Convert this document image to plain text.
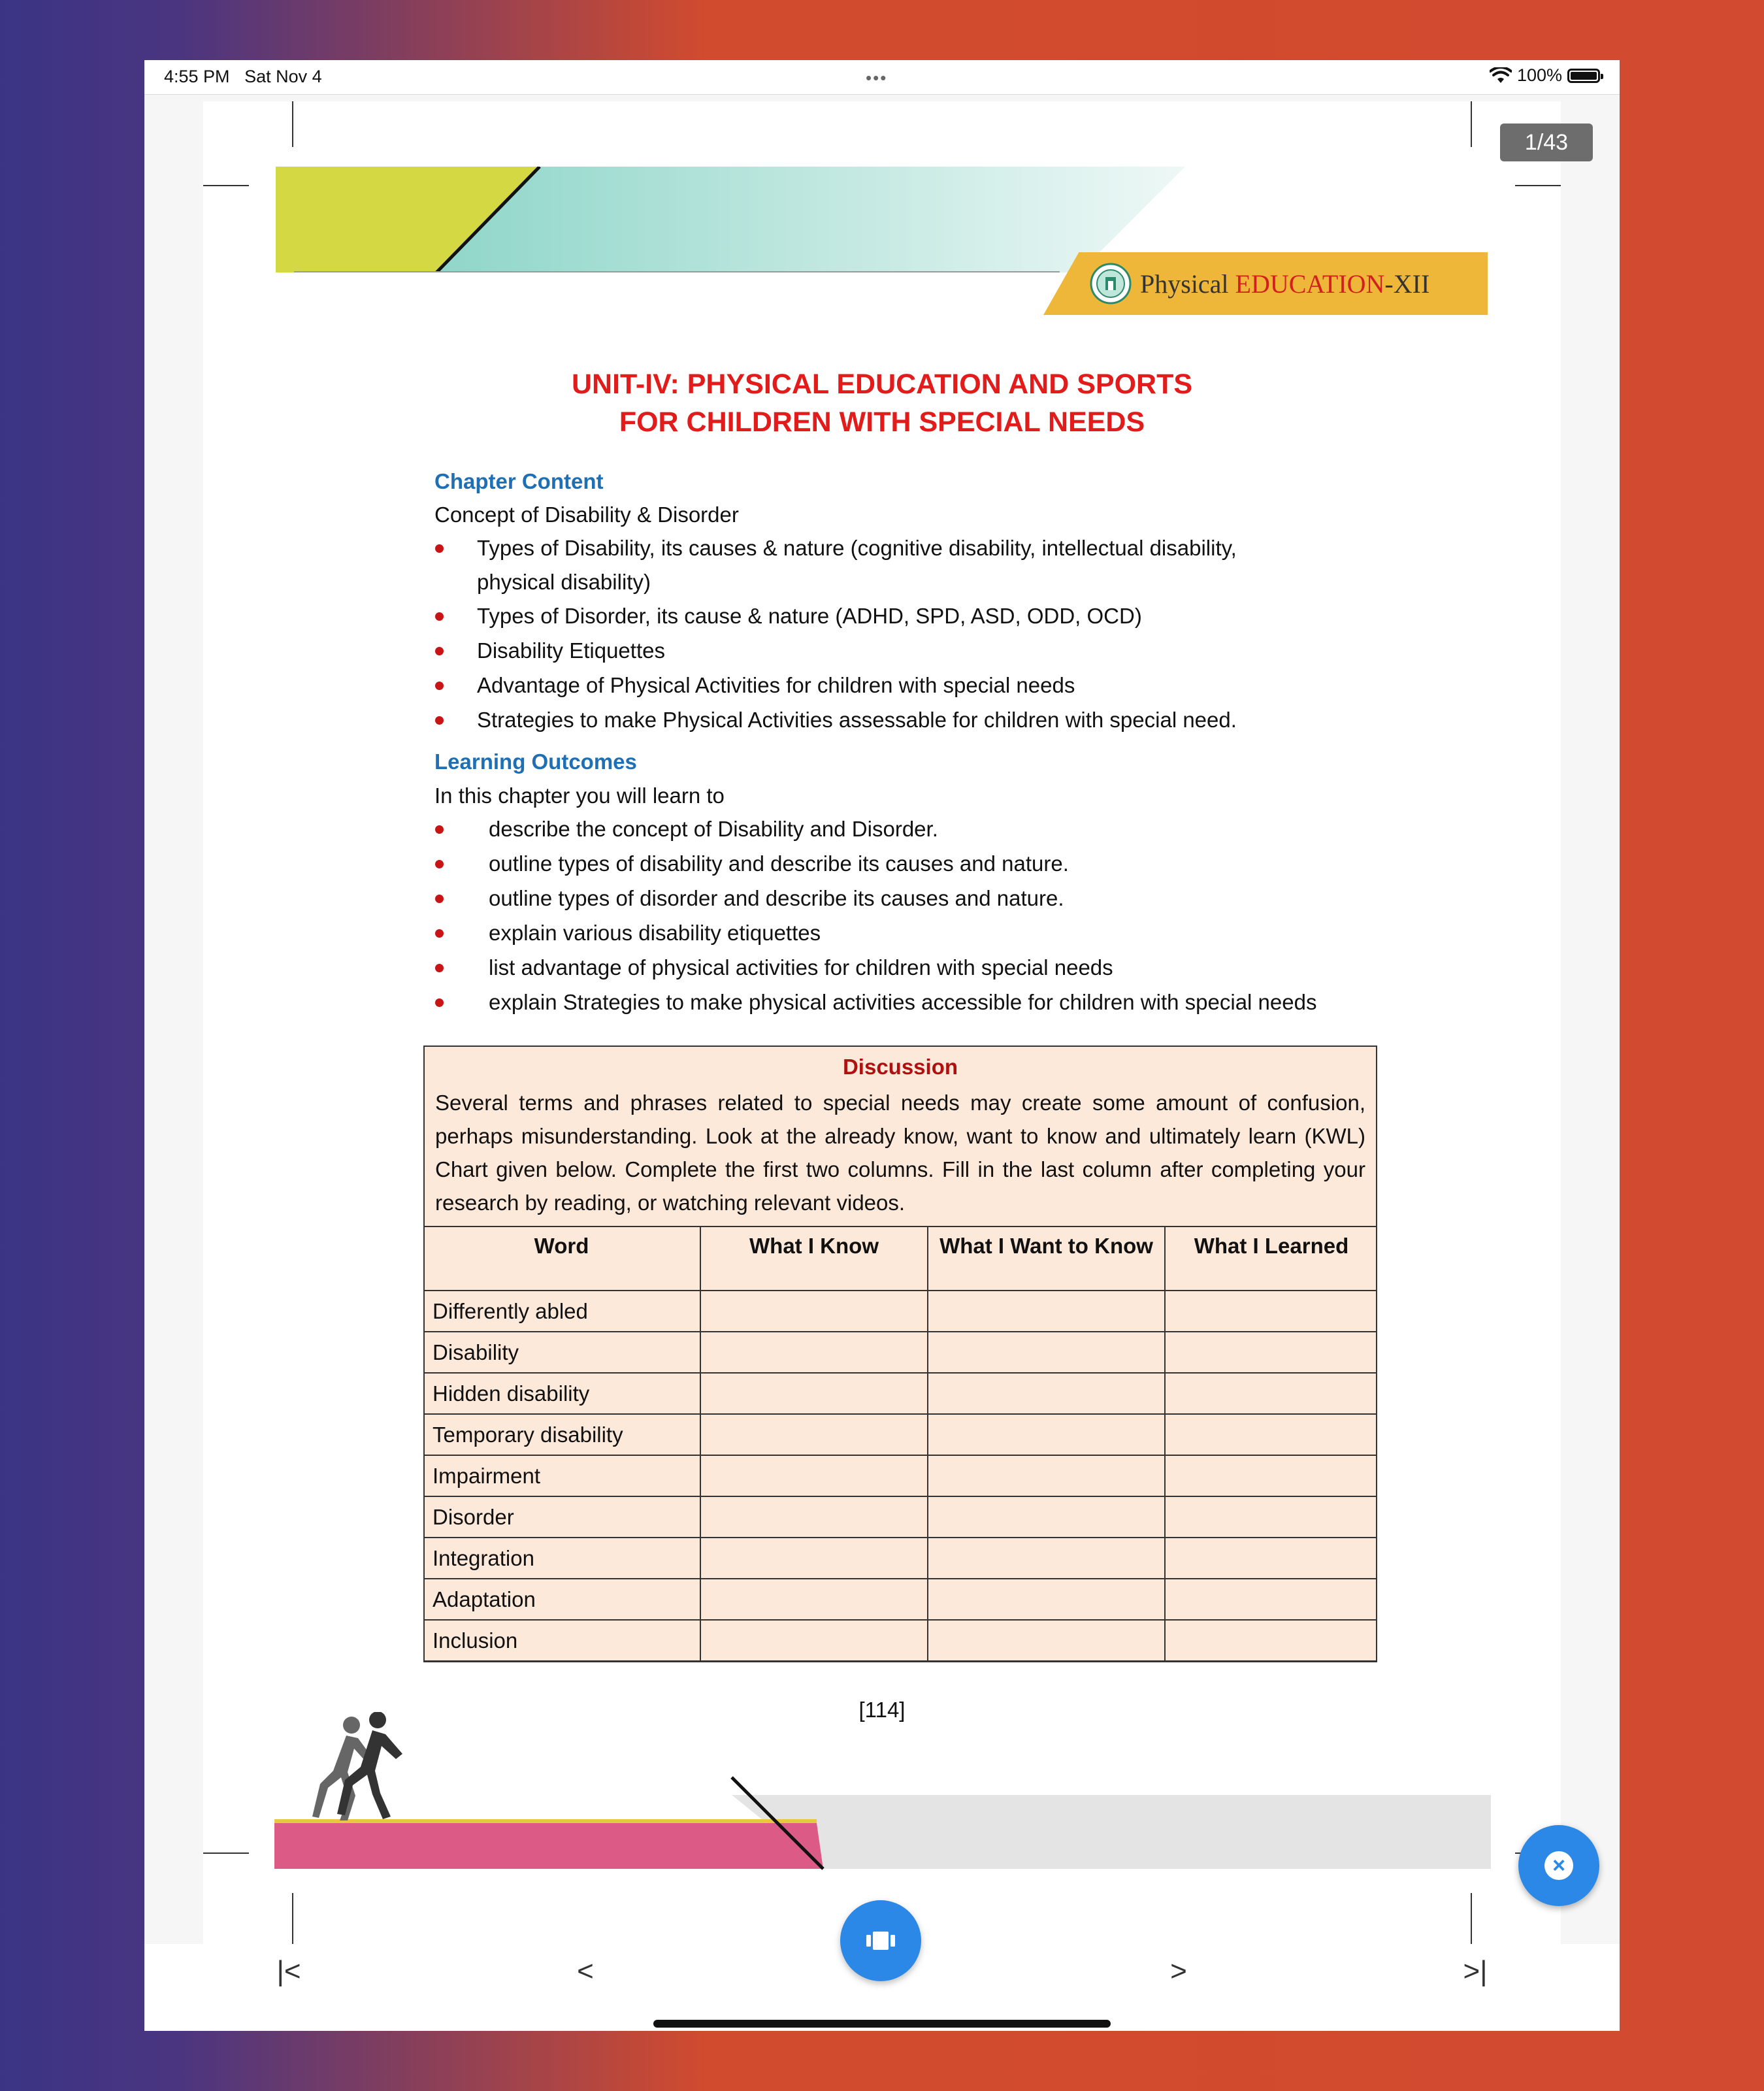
4:55 PM Sat Nov 4	•••	100%
1/43
Physical EDUCATION-XII
UNIT-IV: PHYSICAL EDUCATION AND SPORTS
FOR CHILDREN WITH SPECIAL NEEDS
Chapter Content
Concept of Disability & Disorder
Types of Disability, its causes & nature (cognitive disability, intellectual disability,
physical disability)
Types of Disorder, its cause & nature (ADHD, SPD, ASD, ODD, OCD)
Disability Etiquettes
Advantage of Physical Activities for children with special needs
Strategies to make Physical Activities assessable for children with special need.
Learning Outcomes
In this chapter you will learn to
describe the concept of Disability and Disorder.
outline types of disability and describe its causes and nature.
outline types of disorder and describe its causes and nature.
explain various disability etiquettes
list advantage of physical activities for children with special needs
explain Strategies to make physical activities accessible for children with special needs
Discussion
Several terms and phrases related to special needs may create some amount of confusion, perhaps misunderstanding. Look at the already know, want to know and ultimately learn (KWL) Chart given below. Complete the first two columns. Fill in the last column after completing your research by reading, or watching relevant videos.
Word	What I Know	What I Want to Know	What I Learned
Differently abled			
Disability			
Hidden disability			
Temporary disability			
Impairment			
Disorder			
Integration			
Adaptation			
Inclusion			
[114]
×
|<	<	>	>|
